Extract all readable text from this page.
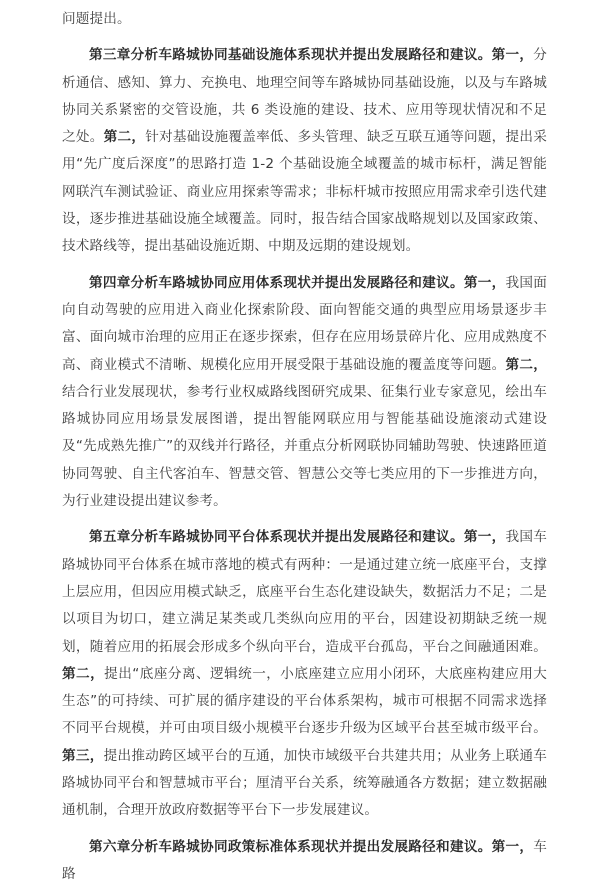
问题提出。

第三章分析车路城协同基础设施体系现状并提出发展路径和建议。第一，分析通信、感知、算力、充换电、地理空间等车路城协同基础设施，以及与车路城协同关系紧密的交管设施，共 6 类设施的建设、技术、应用等现状情况和不足之处。第二，针对基础设施覆盖率低、多头管理、缺乏互联互通等问题，提出采用“先广度后深度”的思路打造 1-2 个基础设施全域覆盖的城市标杆，满足智能网联汽车测试验证、商业应用探索等需求；非标杆城市按照应用需求牵引迭代建设，逐步推进基础设施全域覆盖。同时，报告结合国家战略规划以及国家政策、技术路线等，提出基础设施近期、中期及远期的建设规划。

第四章分析车路城协同应用体系现状并提出发展路径和建议。第一，我国面向自动驾驶的应用进入商业化探索阶段、面向智能交通的典型应用场景逐步丰富、面向城市治理的应用正在逐步探索，但存在应用场景碎片化、应用成熟度不高、商业模式不清晰、规模化应用开展受限于基础设施的覆盖度等问题。第二，结合行业发展现状，参考行业权威路线图研究成果、征集行业专家意见，绘出车路城协同应用场景发展图谱，提出智能网联应用与智能基础设施滚动式建设及“先成熟先推广”的双线并行路径，并重点分析网联协同辅助驾驶、快速路匝道协同驾驶、自主代客泊车、智慧交管、智慧公交等七类应用的下一步推进方向，为行业建设提出建议参考。

第五章分析车路城协同平台体系现状并提出发展路径和建议。第一，我国车路城协同平台体系在城市落地的模式有两种：一是通过建立统一底座平台，支撑上层应用，但因应用模式缺乏，底座平台生态化建设缺失，数据活力不足；二是以项目为切口，建立满足某类或几类纵向应用的平台，因建设初期缺乏统一规划，随着应用的拓展会形成多个纵向平台，造成平台孤岛，平台之间融通困难。第二，提出“底座分离、逻辑统一，小底座建立应用小闭环，大底座构建应用大生态”的可持续、可扩展的循序建设的平台体系架构，城市可根据不同需求选择不同平台规模，并可由项目级小规模平台逐步升级为区域平台甚至城市级平台。第三，提出推动跨区域平台的互通，加快市域级平台共建共用；从业务上联通车路城协同平台和智慧城市平台；厘清平台关系，统筹融通各方数据；建立数据融通机制，合理开放政府数据等平台下一步发展建议。

第六章分析车路城协同政策标准体系现状并提出发展路径和建议。第一，车路
